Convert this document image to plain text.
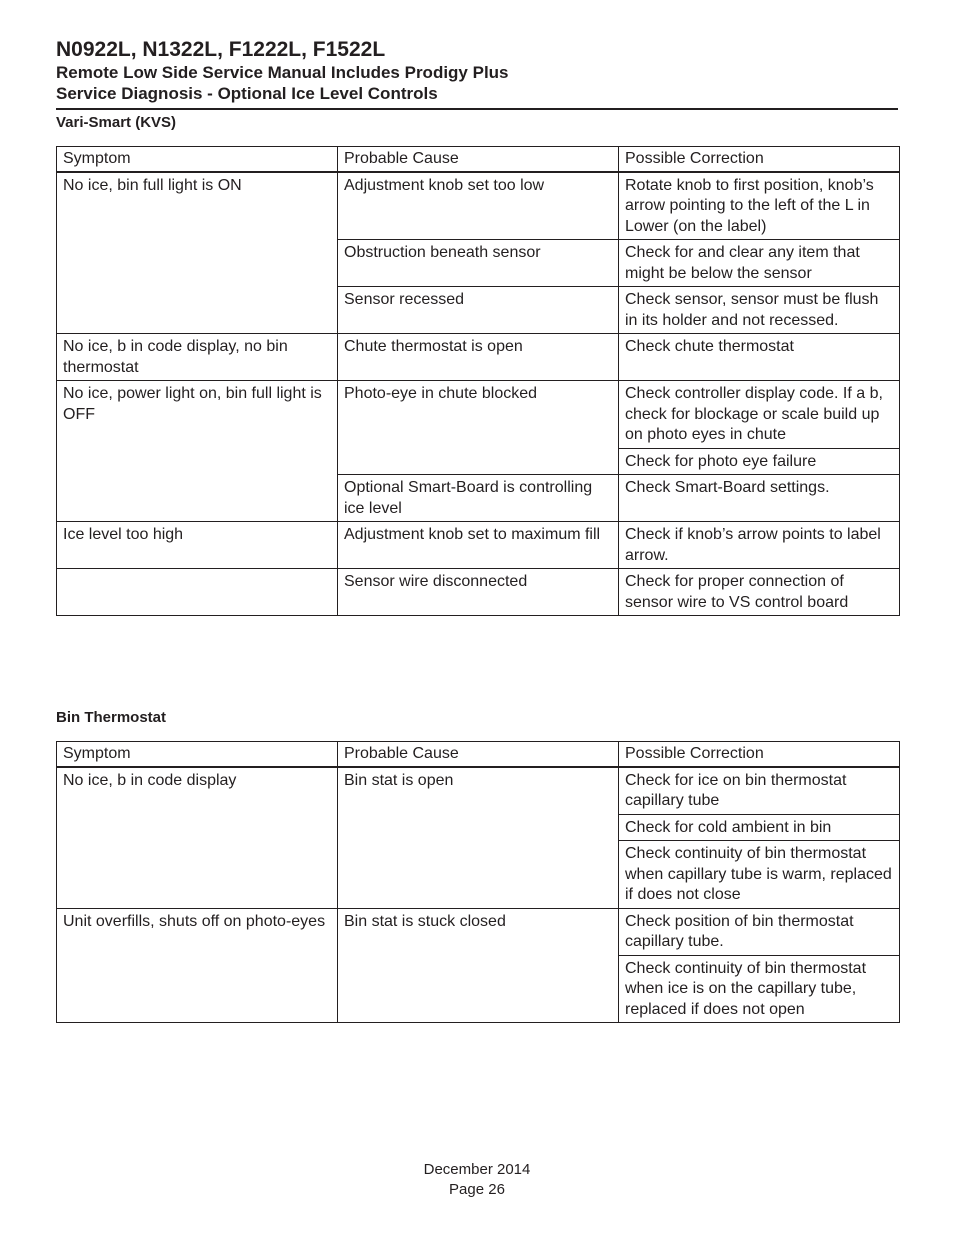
N0922L, N1322L, F1222L, F1522L
Remote Low Side Service Manual Includes Prodigy Plus
Service Diagnosis - Optional Ice Level Controls
Vari-Smart (KVS)
Symptom	Probable Cause	Possible Correction
No ice, bin full light is ON	Adjustment knob set too low	Rotate knob to first position, knob’s arrow pointing to the left of the L in Lower (on the label)
	Obstruction beneath sensor	Check for and clear any item that might be below the sensor
	Sensor recessed	Check sensor, sensor must be flush in its holder and not recessed.
No ice, b in code display, no bin thermostat	Chute thermostat is open	Check chute thermostat
No ice, power light on, bin full light is OFF	Photo-eye in chute blocked	Check controller display code. If a b, check for blockage or scale build up on photo eyes in chute
		Check for photo eye failure
	Optional Smart-Board is controlling ice level	Check Smart-Board settings.
Ice level too high	Adjustment knob set to maximum fill	Check if knob’s arrow points to label arrow.
	Sensor wire disconnected	Check for proper connection of sensor wire to VS control board
Bin Thermostat
Symptom	Probable Cause	Possible Correction
No ice, b in code display	Bin stat is open	Check for ice on bin thermostat capillary tube
		Check for cold ambient in bin
		Check continuity of bin thermostat when capillary tube is warm, replaced if does not close
Unit overfills, shuts off on photo-eyes	Bin stat is stuck closed	Check position of bin thermostat capillary tube.
		Check continuity of bin thermostat when ice is on the capillary tube, replaced if does not open
December 2014
Page 26
